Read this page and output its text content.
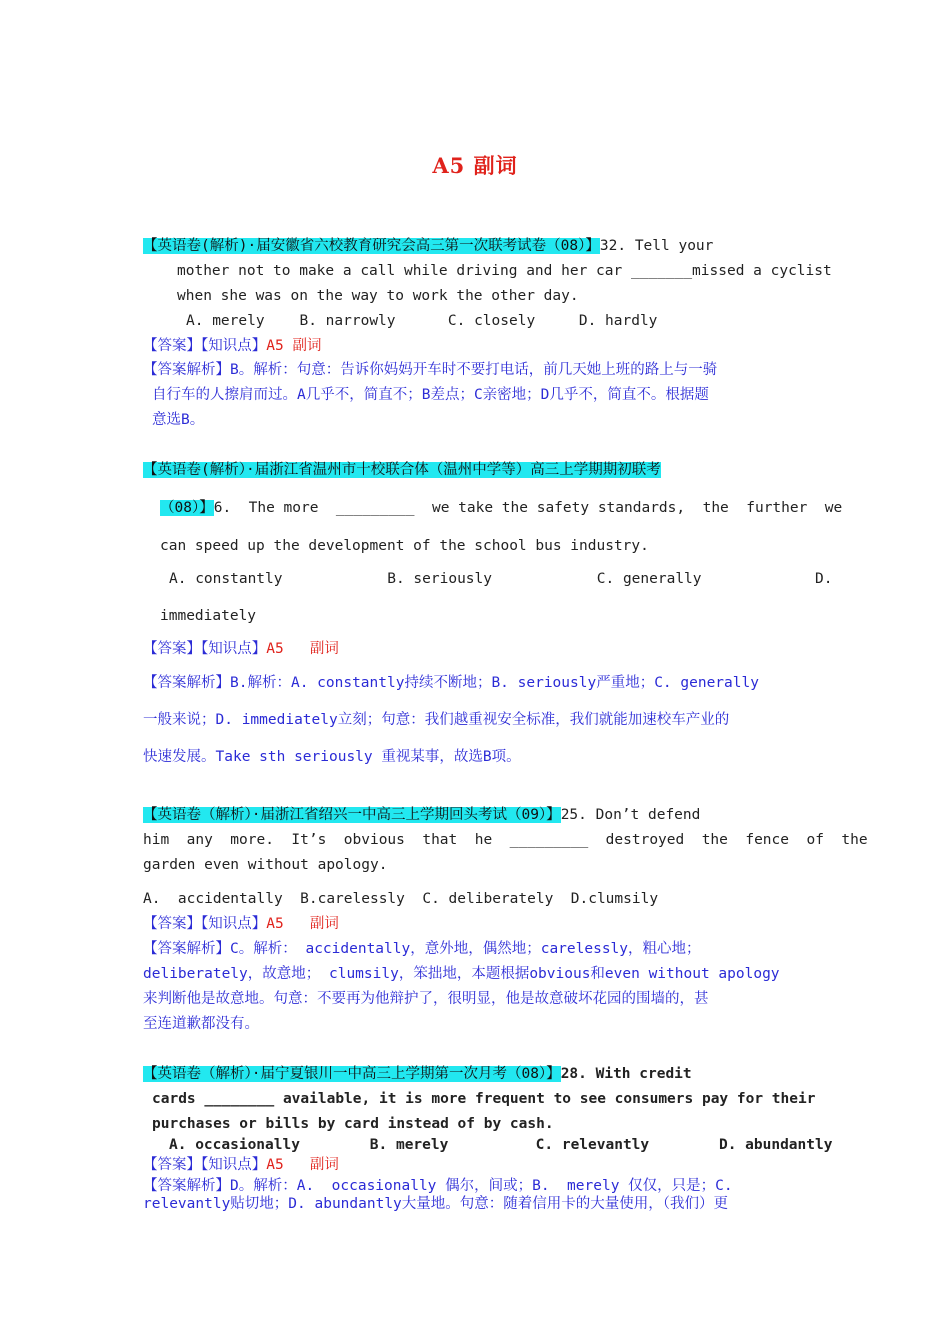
A5 副词
【英语卷(解析)·届安徽省六校教育研究会高三第一次联考试卷（08）】32. Tell your
mother not to make a call while driving and her car _______missed a cyclist
when she was on the way to work the other day.
A. merely    B. narrowly      C. closely     D. hardly
【答案】【知识点】A5 副词
【答案解析】B。解析：句意：告诉你妈妈开车时不要打电话，前几天她上班的路上与一骑
自行车的人擦肩而过。A几乎不，简直不；B差点；C亲密地；D几乎不，简直不。根据题
意选B。
【英语卷(解析）·届浙江省温州市十校联合体（温州中学等）高三上学期期初联考
（08）】6.  The more  _________  we take the safety standards,  the  further  we
can speed up the development of the school bus industry.
A. constantly            B. seriously            C. generally             D.
immediately
【答案】【知识点】A5   副词
【答案解析】B.解析：A. constantly持续不断地；B. seriously严重地；C. generally
一般来说；D. immediately立刻；句意：我们越重视安全标准，我们就能加速校车产业的
快速发展。Take sth seriously 重视某事，故选B项。
【英语卷（解析）·届浙江省绍兴一中高三上学期回头考试（09）】25. Don’t defend
him  any  more.  It’s  obvious  that  he  _________  destroyed  the  fence  of  the
garden even without apology.
A.  accidentally  B.carelessly  C. deliberately  D.clumsily
【答案】【知识点】A5   副词
【答案解析】C。解析： accidentally，意外地，偶然地；carelessly，粗心地；
deliberately，故意地； clumsily，笨拙地，本题根据obvious和even without apology
来判断他是故意地。句意：不要再为他辩护了，很明显，他是故意破坏花园的围墙的，甚
至连道歉都没有。
【英语卷（解析）·届宁夏银川一中高三上学期第一次月考（08）】28. With credit
cards ________ available, it is more frequent to see consumers pay for their
purchases or bills by card instead of by cash.
A. occasionally        B. merely          C. relevantly        D. abundantly
【答案】【知识点】A5   副词
【答案解析】D。解析：A.  occasionally 偶尔，间或；B.  merely 仅仅，只是；C.
relevantly贴切地；D. abundantly大量地。句意：随着信用卡的大量使用，（我们）更
